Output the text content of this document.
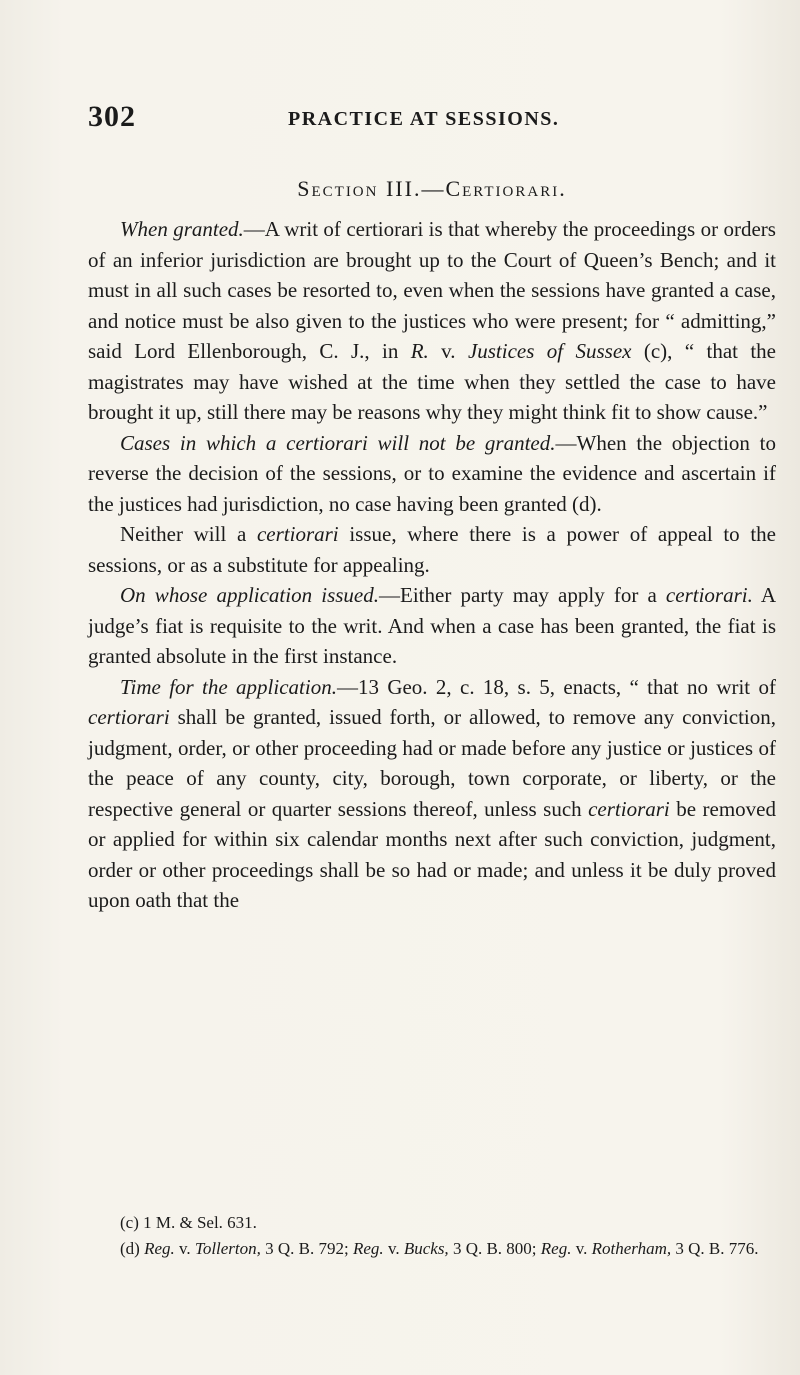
302	PRACTICE AT SESSIONS.
Section III.—Certiorari.

When granted.—A writ of certiorari is that whereby the proceedings or orders of an inferior jurisdiction are brought up to the Court of Queen’s Bench; and it must in all such cases be resorted to, even when the sessions have granted a case, and notice must be also given to the justices who were present; for “ admitting,” said Lord Ellenborough, C. J., in R. v. Justices of Sussex (c), “ that the magistrates may have wished at the time when they settled the case to have brought it up, still there may be reasons why they might think fit to show cause.”

Cases in which a certiorari will not be granted.—When the objection to reverse the decision of the sessions, or to examine the evidence and ascertain if the justices had jurisdiction, no case having been granted (d).

Neither will a certiorari issue, where there is a power of appeal to the sessions, or as a substitute for appealing.

On whose application issued.—Either party may apply for a certiorari. A judge’s fiat is requisite to the writ. And when a case has been granted, the fiat is granted absolute in the first instance.

Time for the application.—13 Geo. 2, c. 18, s. 5, enacts, “ that no writ of certiorari shall be granted, issued forth, or allowed, to remove any conviction, judgment, order, or other proceeding had or made before any justice or justices of the peace of any county, city, borough, town corporate, or liberty, or the respective general or quarter sessions thereof, unless such certiorari be removed or applied for within six calendar months next after such conviction, judgment, order or other proceedings shall be so had or made; and unless it be duly proved upon oath that the

(c) 1 M. & Sel. 631.

(d) Reg. v. Tollerton, 3 Q. B. 792; Reg. v. Bucks, 3 Q. B. 800; Reg. v. Rotherham, 3 Q. B. 776.
